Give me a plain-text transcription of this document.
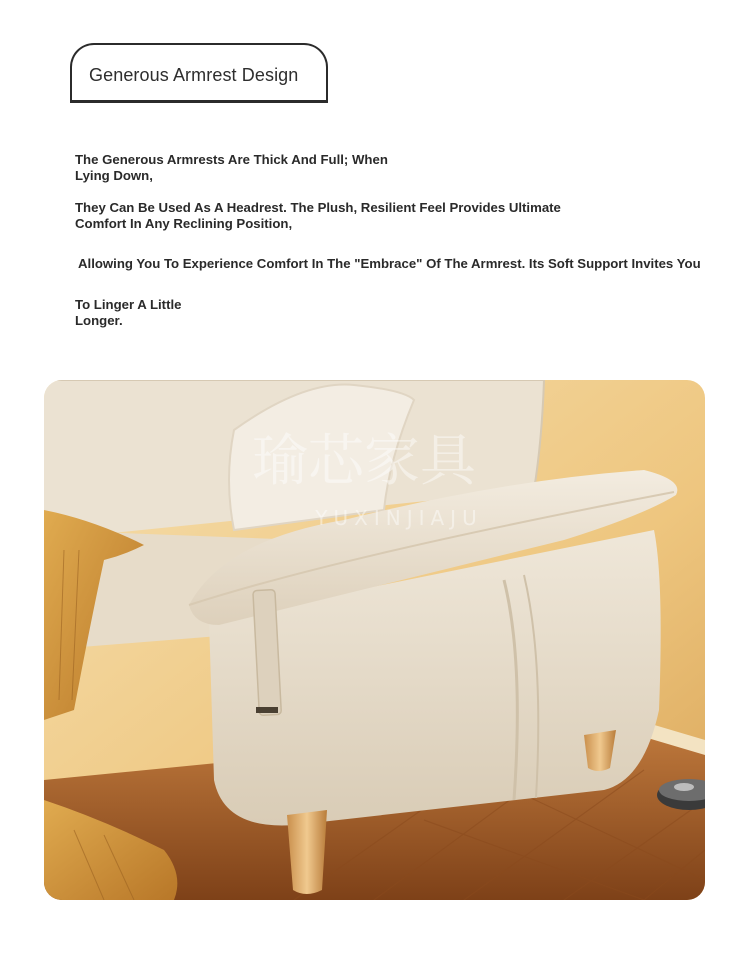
Generous Armrest Design
The Generous Armrests Are Thick And Full; When
Lying Down,
They Can Be Used As A Headrest. The Plush, Resilient Feel Provides Ultimate
Comfort In Any Reclining Position,
Allowing You To Experience Comfort In The "Embrace" Of The Armrest. Its Soft Support Invites You
To Linger A Little
Longer.
瑜芯家具
YUXINJIAJU
